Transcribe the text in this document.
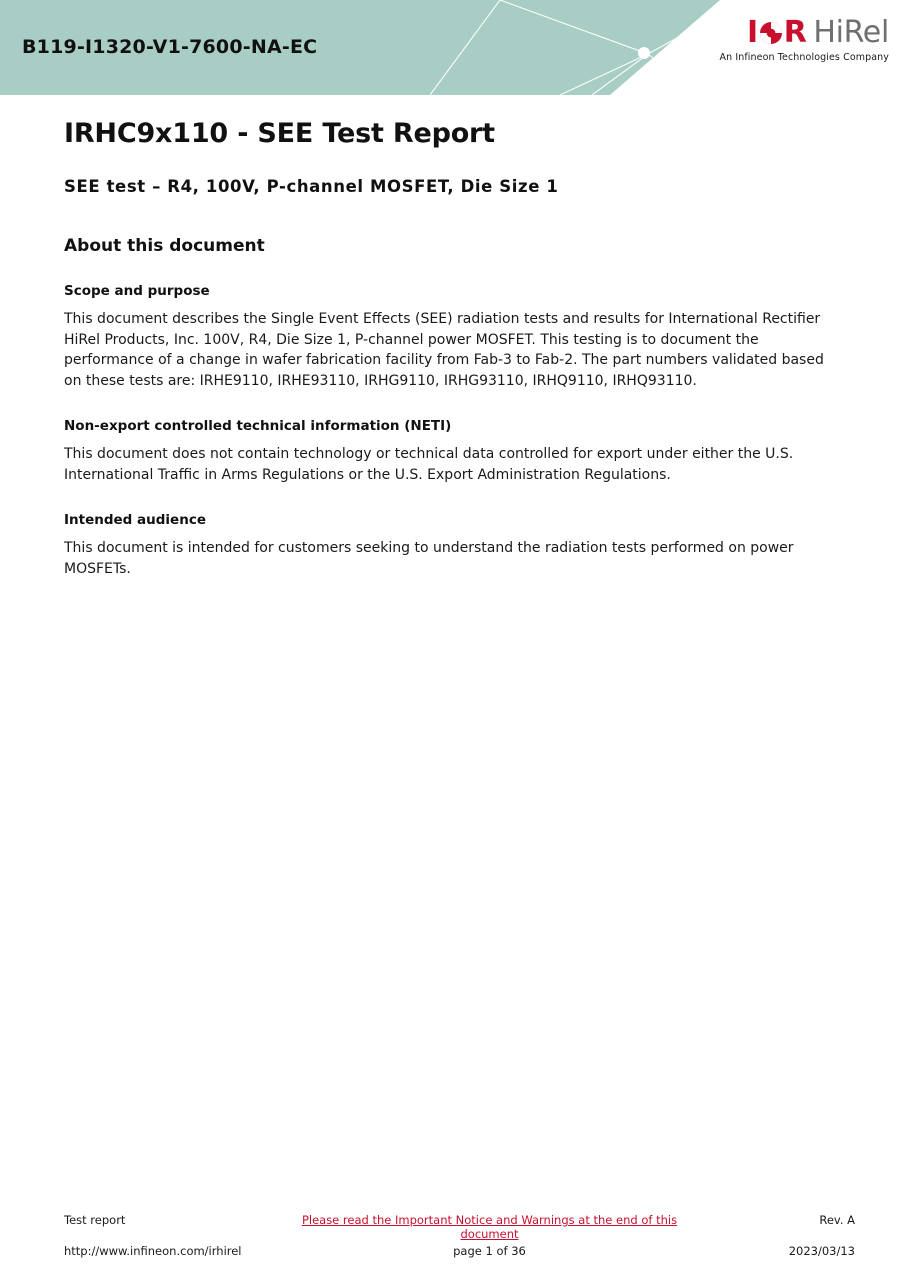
B119-I1320-V1-7600-NA-EC	I R HiRel
An Infineon Technologies Company
IRHC9x110 - SEE Test Report
SEE test – R4, 100V, P-channel MOSFET, Die Size 1
About this document
Scope and purpose

This document describes the Single Event Effects (SEE) radiation tests and results for International Rectifier HiRel Products, Inc. 100V, R4, Die Size 1, P-channel power MOSFET. This testing is to document the performance of a change in wafer fabrication facility from Fab-3 to Fab-2. The part numbers validated based on these tests are: IRHE9110, IRHE93110, IRHG9110, IRHG93110, IRHQ9110, IRHQ93110.

Non-export controlled technical information (NETI)

This document does not contain technology or technical data controlled for export under either the U.S. International Traffic in Arms Regulations or the U.S. Export Administration Regulations.

Intended audience

This document is intended for customers seeking to understand the radiation tests performed on power MOSFETs.

Test report	Please read the Important Notice and Warnings at the end of this document
Rev. A
http://www.infineon.com/irhirel	page 1 of 36	2023/03/13
